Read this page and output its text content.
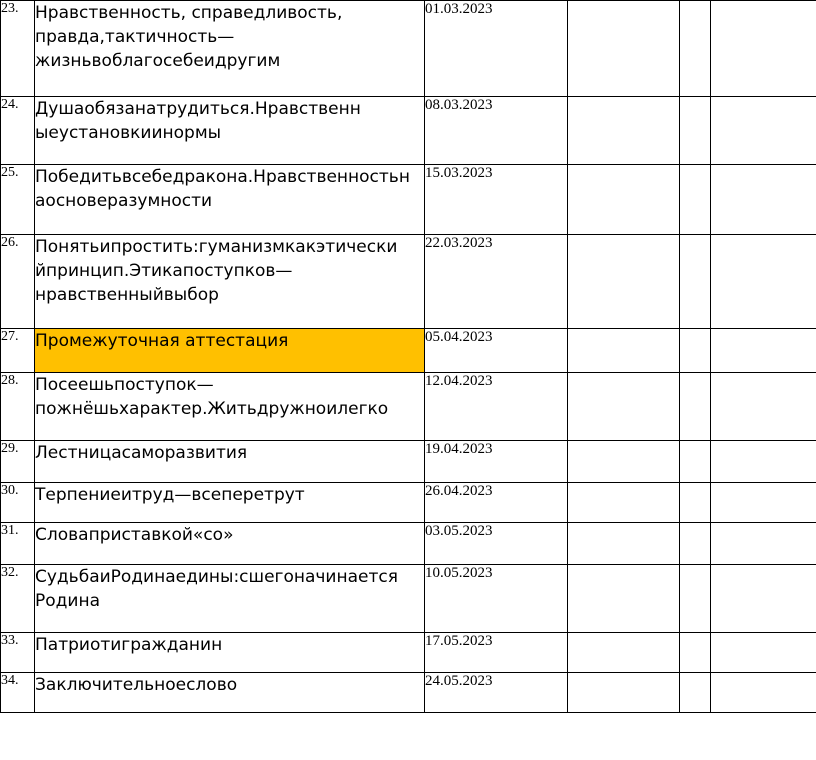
23.	Нравственность, справедливость,
правда,тактичность—
жизньвоблагосебеидругим	01.03.2023			
24.	Душаобязанатрудиться.Нравственн
ыеустановкиинормы	08.03.2023			
25.	Победитьвсебедракона.Нравственностьн
аосноверазумности	15.03.2023			
26.	Понятьипростить:гуманизмкакэтически
йпринцип.Этикапоступков—
нравственныйвыбор	22.03.2023			
27.	Промежуточная аттестация	05.04.2023			
28.	Посеешьпоступок—
пожнёшьхарактер.Житьдружноилегко	12.04.2023			
29.	Лестницасаморазвития	19.04.2023			
30.	Терпениеитруд—всеперетрут	26.04.2023			
31.	Словаприставкой«со»	03.05.2023			
32.	СудьбаиРодинаедины:сшегоначинается
Родина	10.05.2023			
33.	Патриотигражданин	17.05.2023			
34.	Заключительноеслово	24.05.2023			
